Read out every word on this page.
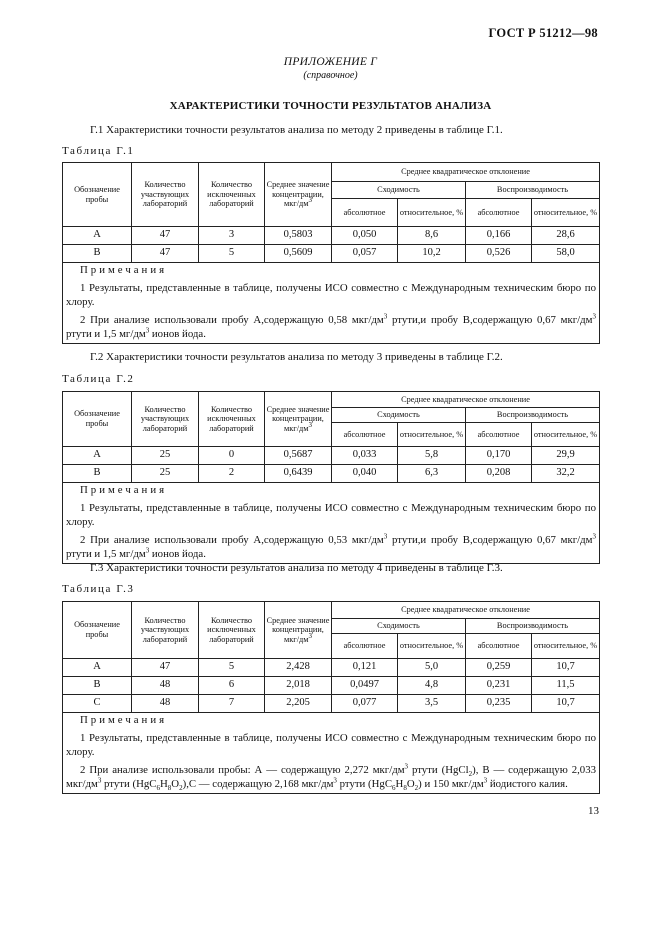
ГОСТ Р 51212—98
ПРИЛОЖЕНИЕ Г
(справочное)
ХАРАКТЕРИСТИКИ ТОЧНОСТИ РЕЗУЛЬТАТОВ АНАЛИЗА
Г.1 Характеристики точности результатов анализа по методу 2 приведены в таблице Г.1.
Таблица Г.1
Обозначение пробы	Количество участвующих лабораторий	Количество исключенных лабораторий	Среднее значение концентрации, мкг/$дм^3$	Среднее квадратическое отклонение			
				Сходимость		Воспроизводимость	
				абсолютное	относительное, %	абсолютное	относительное, %
А	47	3	0,5803	0,050	8,6	0,166	28,6
В	47	5	0,5609	0,057	10,2	0,526	58,0

Примечания
1 Результаты, представленные в таблице, получены ИСО совместно с Международным техническим бюро по хлору.
2 При анализе использовали пробу А,содержащую 0,58 мкг/$дм^3$ ртути,и пробу В,содержащую 0,67 мкг/$дм^3$ ртути и 1,5 $мг/дм^3$ ионов йода.							
Г.2 Характеристики точности результатов анализа по методу 3 приведены в таблице Г.2.
Таблица Г.2
Обозначение пробы	Количество участвующих лабораторий	Количество исключенных лабораторий	Среднее значение концентрации, мкг/$дм^3$	Среднее квадратическое отклонение			
				Сходимость		Воспроизводимость	
				абсолютное	относительное, %	абсолютное	относительное, %
А	25	0	0,5687	0,033	5,8	0,170	29,9
В	25	2	0,6439	0,040	6,3	0,208	32,2

Примечания
1 Результаты, представленные в таблице, получены ИСО совместно с Международным техническим бюро по хлору.
2 При анализе использовали пробу А,содержащую 0,53 мкг/$дм^3$ ртути,и пробу В,содержащую 0,67 мкг/$дм^3$ ртути и 1,5 $мг/дм^3$ ионов йода.							
Г.3 Характеристики точности результатов анализа по методу 4 приведены в таблице Г.3.
Таблица Г.3
Обозначение пробы	Количество участвующих лабораторий	Количество исключенных лабораторий	Среднее значение концентрации, мкг/$дм^3$	Среднее квадратическое отклонение			
				Сходимость		Воспроизводимость	
				абсолютное	относительное, %	абсолютное	относительное, %
А	47	5	2,428	0,121	5,0	0,259	10,7
В	48	6	2,018	0,0497	4,8	0,231	11,5
С	48	7	2,205	0,077	3,5	0,235	10,7

Примечания
1 Результаты, представленные в таблице, получены ИСО совместно с Международным техническим бюро по хлору.
2 При анализе использовали пробы: А — содержащую 2,272 мкг/$дм^3$ ртути (HgCl$_2$), В — содержащую 2,033 мкг/$дм^3$ ртути $(HgC_6H_8O_2),С$ — содержащую 2,168 мкг/$дм^3$ ртути $(HgC_6H_8O_2)$ и 150 мкг/$дм^3$ йодистого калия.							
13
